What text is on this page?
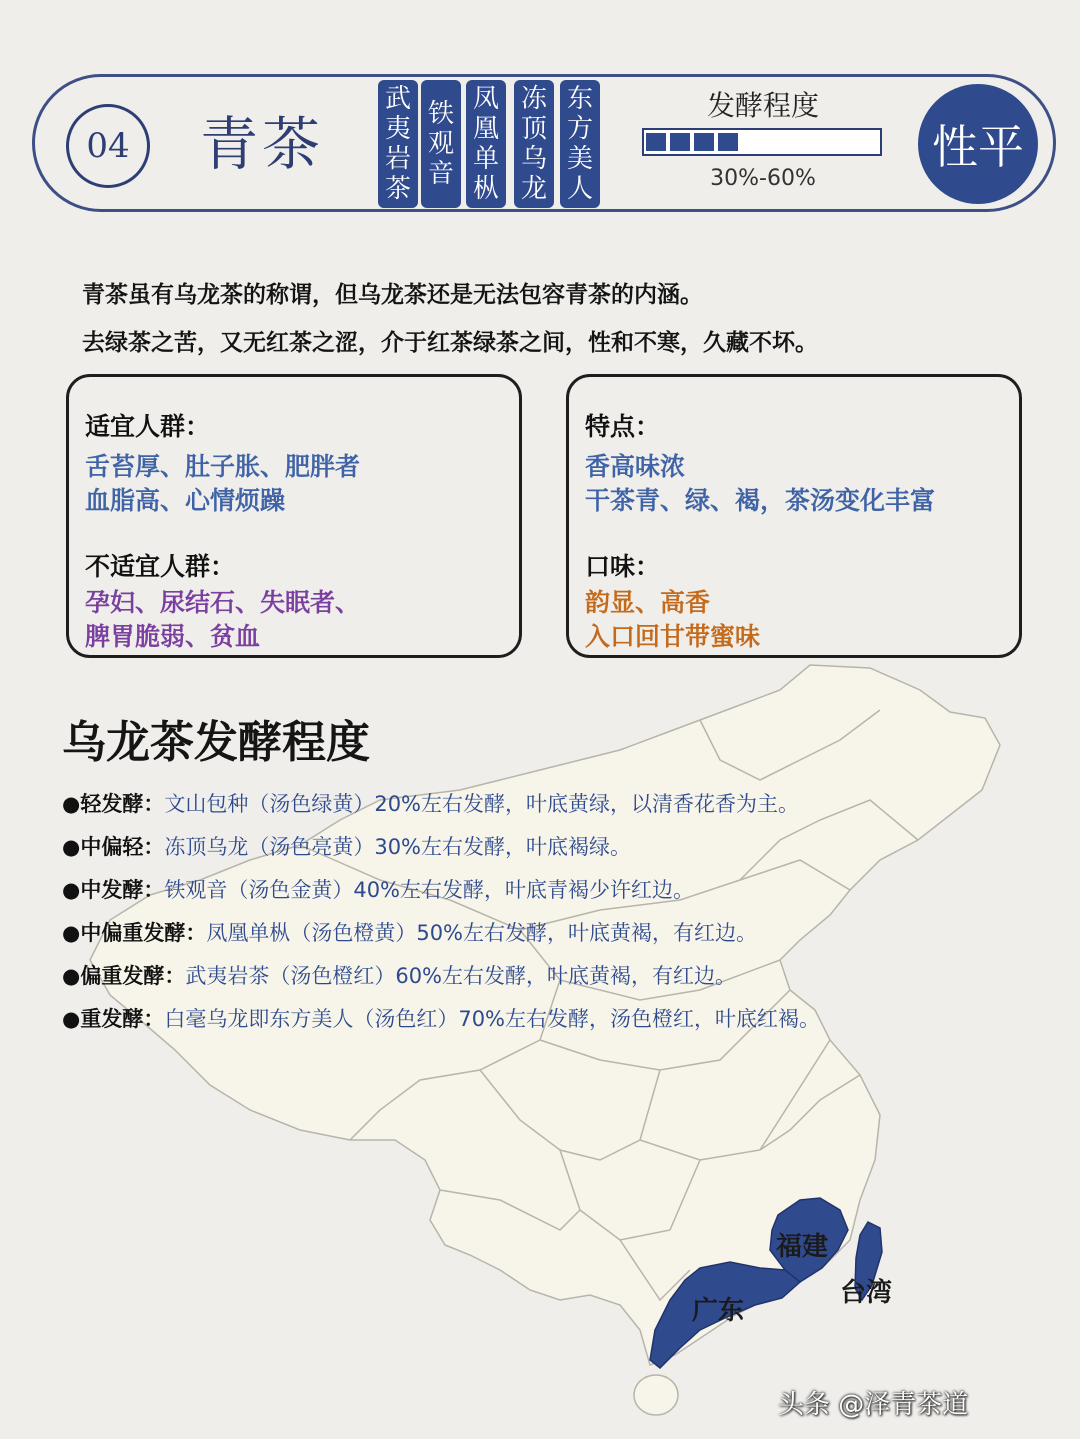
04 青茶
武
夷
岩
茶
铁
观
音
凤
凰
单
枞
冻
顶
乌
龙
东
方
美
人
发酵程度
30%-60%
性平
青茶虽有乌龙茶的称谓，但乌龙茶还是无法包容青茶的内涵。
去绿茶之苦，又无红茶之涩，介于红茶绿茶之间，性和不寒，久藏不坏。
适宜人群：
舌苔厚、肚子胀、肥胖者
血脂高、心情烦躁
不适宜人群：
孕妇、尿结石、失眠者、
脾胃脆弱、贫血
特点：
香高味浓
干茶青、绿、褐，茶汤变化丰富
口味：
韵显、高香
入口回甘带蜜味
乌龙茶发酵程度
●轻发酵：文山包种（汤色绿黄）20%左右发酵，叶底黄绿，以清香花香为主。
●中偏轻：冻顶乌龙（汤色亮黄）30%左右发酵，叶底褐绿。
●中发酵：铁观音（汤色金黄）40%左右发酵，叶底青褐少许红边。
●中偏重发酵：凤凰单枞（汤色橙黄）50%左右发酵，叶底黄褐，有红边。
●偏重发酵：武夷岩茶（汤色橙红）60%左右发酵，叶底黄褐，有红边。
●重发酵：白毫乌龙即东方美人（汤色红）70%左右发酵，汤色橙红，叶底红褐。
福建
台湾
广东
头条 @泽青茶道
